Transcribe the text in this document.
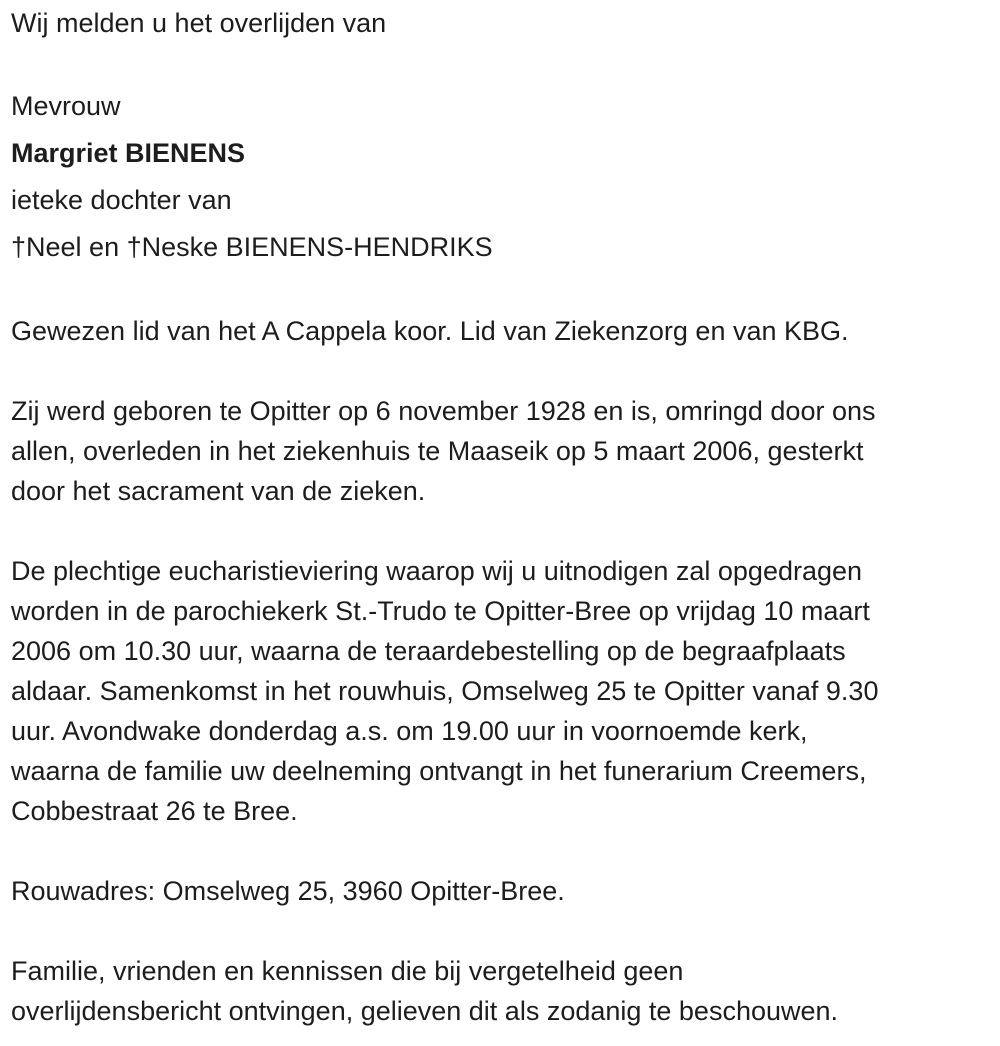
Wij melden u het overlijden van
Mevrouw
Margriet BIENENS
ieteke dochter van
†Neel en †Neske BIENENS-HENDRIKS
Gewezen lid van het A Cappela koor. Lid van Ziekenzorg en van KBG.
Zij werd geboren te Opitter op 6 november 1928 en is, omringd door ons
allen, overleden in het ziekenhuis te Maaseik op 5 maart 2006, gesterkt
door het sacrament van de zieken.
De plechtige eucharistieviering waarop wij u uitnodigen zal opgedragen
worden in de parochiekerk St.-Trudo te Opitter-Bree op vrijdag 10 maart
2006 om 10.30 uur, waarna de teraardebestelling op de begraafplaats
aldaar. Samenkomst in het rouwhuis, Omselweg 25 te Opitter vanaf 9.30
uur. Avondwake donderdag a.s. om 19.00 uur in voornoemde kerk,
waarna de familie uw deelneming ontvangt in het funerarium Creemers,
Cobbestraat 26 te Bree.
Rouwadres: Omselweg 25, 3960 Opitter-Bree.
Familie, vrienden en kennissen die bij vergetelheid geen
overlijdensbericht ontvingen, gelieven dit als zodanig te beschouwen.
